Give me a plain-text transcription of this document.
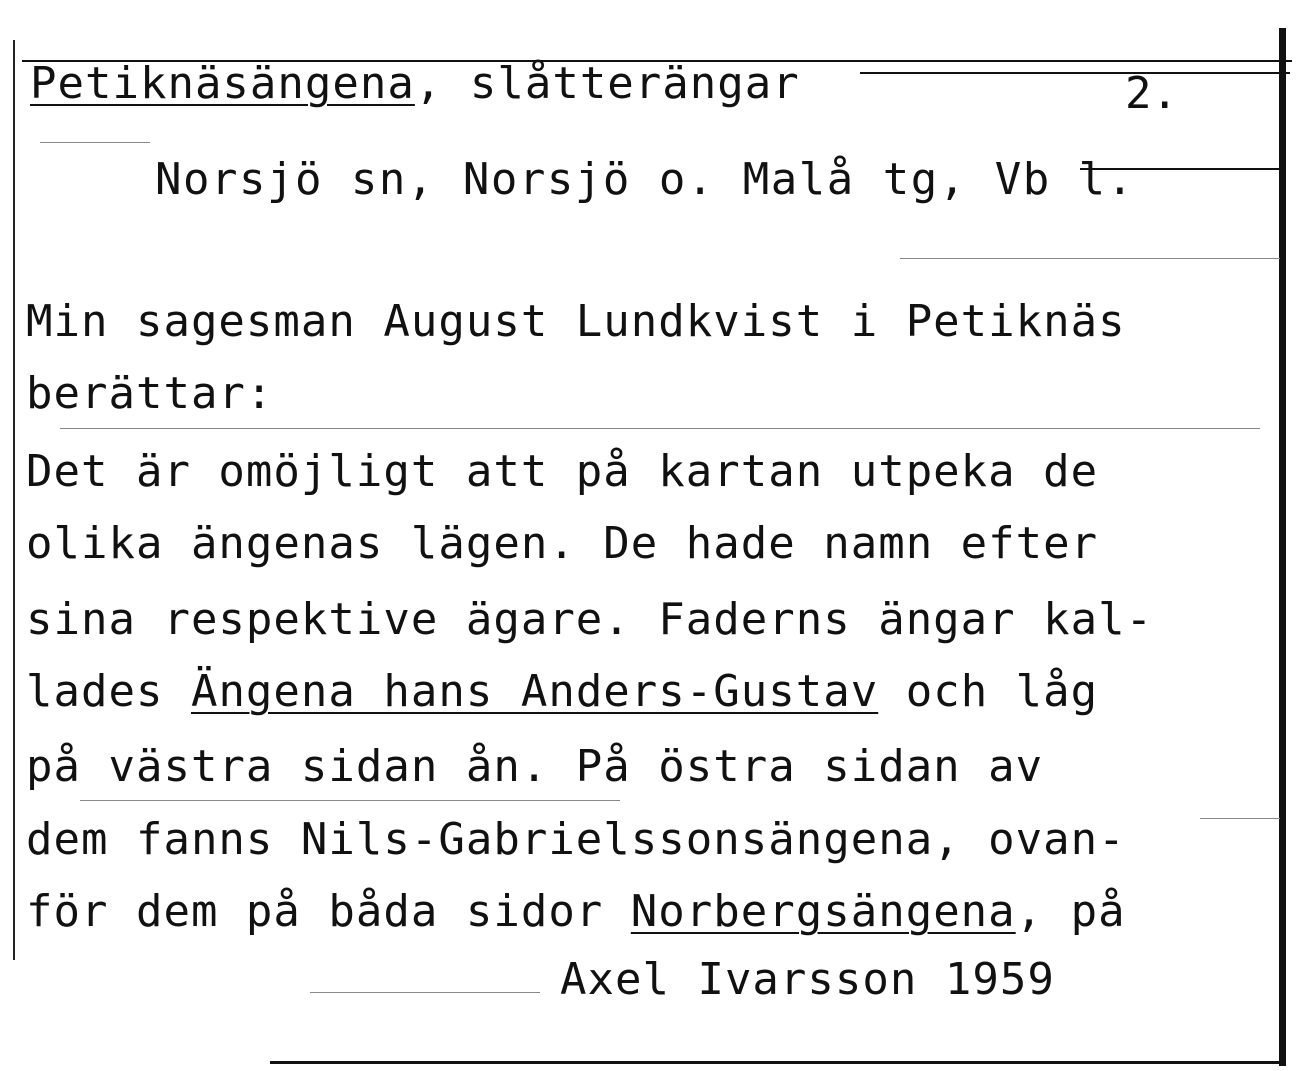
Petiknäsängena, slåtterängar	2.
Norsjö sn, Norsjö o. Malå tg, Vb l.
Min sagesman August Lundkvist i Petiknäs
berättar:
Det är omöjligt att på kartan utpeka de
olika ängenas lägen. De hade namn efter
sina respektive ägare. Faderns ängar kal-
lades Ängena hans Anders-Gustav och låg
på västra sidan ån. På östra sidan av
dem fanns Nils-Gabrielssonsängena, ovan-
för dem på båda sidor Norbergsängena, på
Axel Ivarsson 1959
